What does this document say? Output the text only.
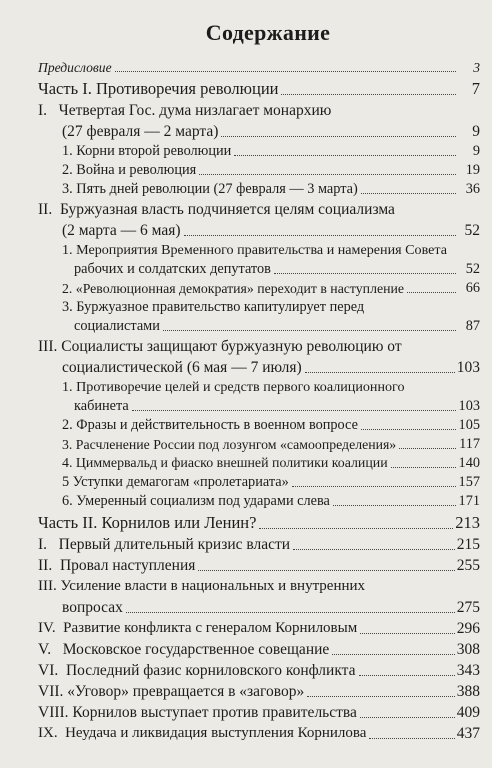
Содержание
Предисловие	3
Часть I. Противоречия революции	7
I.   Четвертая Гос. дума низлагает монархию
(27 февраля — 2 марта)	9
1. Корни второй революции	9
2. Война и революция	19
3. Пять дней революции (27 февраля — 3 марта)	36
II.  Буржуазная власть подчиняется целям социализма
(2 марта — 6 мая)	52
1. Мероприятия Временного правительства и намерения Совета
рабочих и солдатских депутатов	52
2. «Революционная демократия» переходит в наступление	66
3. Буржуазное правительство капитулирует перед
социалистами	87
III. Социалисты защищают буржуазную революцию от
социалистической (6 мая — 7 июля)	103
1. Противоречие целей и средств первого коалиционного
кабинета	103
2. Фразы и действительность в военном вопросе	105
3. Расчленение России под лозунгом «самоопределения»	117
4. Циммервальд и фиаско внешней политики коалиции	140
5 Уступки демагогам «пролетариата»	157
6. Умеренный социализм под ударами слева	171
Часть II. Корнилов или Ленин?	213
I.   Первый длительный кризис власти	215
II.  Провал наступления	255
III. Усиление власти в национальных и внутренних
вопросах	275
IV.  Развитие конфликта с генералом Корниловым	296
V.   Московское государственное совещание	308
VI.  Последний фазис корниловского конфликта	343
VII. «Уговор» превращается в «заговор»	388
VIII. Корнилов выступает против правительства	409
IX.  Неудача и ликвидация выступления Корнилова	437
